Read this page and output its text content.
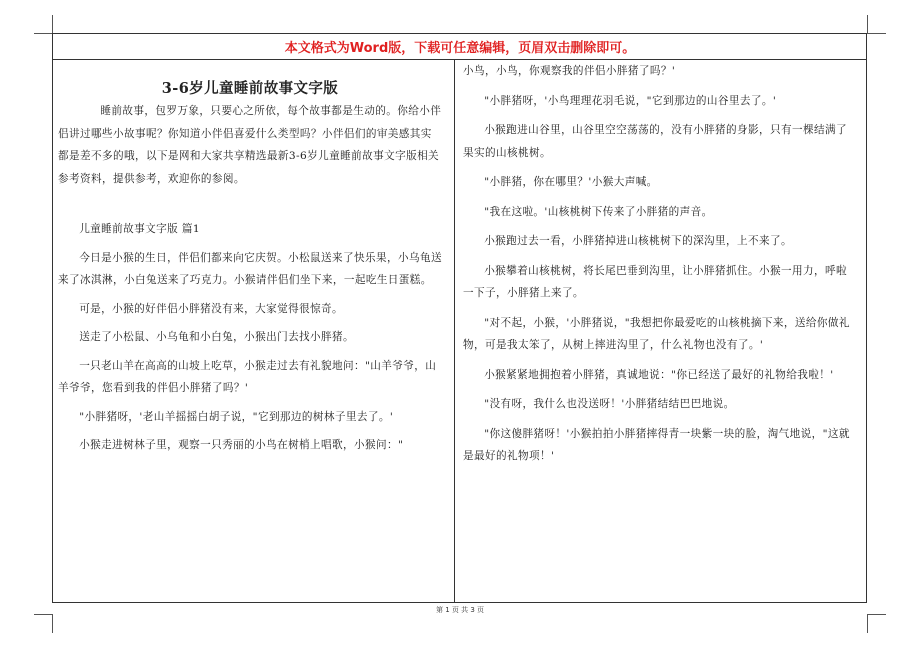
本文格式为Word版，下载可任意编辑，页眉双击删除即可。

3-6岁儿童睡前故事文字版

睡前故事，包罗万象，只要心之所依，每个故事都是生动的。你给小伴侣讲过哪些小故事呢？你知道小伴侣喜爱什么类型吗？小伴侣们的审美感其实都是差不多的哦，以下是网和大家共享精选最新3-6岁儿童睡前故事文字版相关参考资料，提供参考，欢迎你的参阅。

儿童睡前故事文字版 篇1

今日是小猴的生日，伴侣们都来向它庆贺。小松鼠送来了快乐果，小乌龟送来了冰淇淋，小白兔送来了巧克力。小猴请伴侣们坐下来，一起吃生日蛋糕。

可是，小猴的好伴侣小胖猪没有来，大家觉得很惊奇。

送走了小松鼠、小乌龟和小白兔，小猴出门去找小胖猪。

一只老山羊在高高的山坡上吃草，小猴走过去有礼貌地问："山羊爷爷，山羊爷爷，您看到我的伴侣小胖猪了吗？'

"小胖猪呀，'老山羊摇摇白胡子说，"它到那边的树林子里去了。'

小猴走进树林子里，观察一只秀丽的小鸟在树梢上唱歌，小猴问："

小鸟，小鸟，你观察我的伴侣小胖猪了吗？'

"小胖猪呀，'小鸟理理花羽毛说，"它到那边的山谷里去了。'

小猴跑进山谷里，山谷里空空荡荡的，没有小胖猪的身影，只有一棵结满了果实的山核桃树。

"小胖猪，你在哪里？'小猴大声喊。

"我在这啦。'山核桃树下传来了小胖猪的声音。

小猴跑过去一看，小胖猪掉进山核桃树下的深沟里，上不来了。

小猴攀着山核桃树，将长尾巴垂到沟里，让小胖猪抓住。小猴一用力，呼啦一下子，小胖猪上来了。

"对不起，小猴，'小胖猪说，"我想把你最爱吃的山核桃摘下来，送给你做礼物，可是我太笨了，从树上摔进沟里了，什么礼物也没有了。'

小猴紧紧地拥抱着小胖猪，真诚地说："你已经送了最好的礼物给我啦！'

"没有呀，我什么也没送呀！'小胖猪结结巴巴地说。

"你这傻胖猪呀！'小猴拍拍小胖猪摔得青一块紫一块的脸，淘气地说，"这就是最好的礼物项！'

第 1 页 共 3 页
